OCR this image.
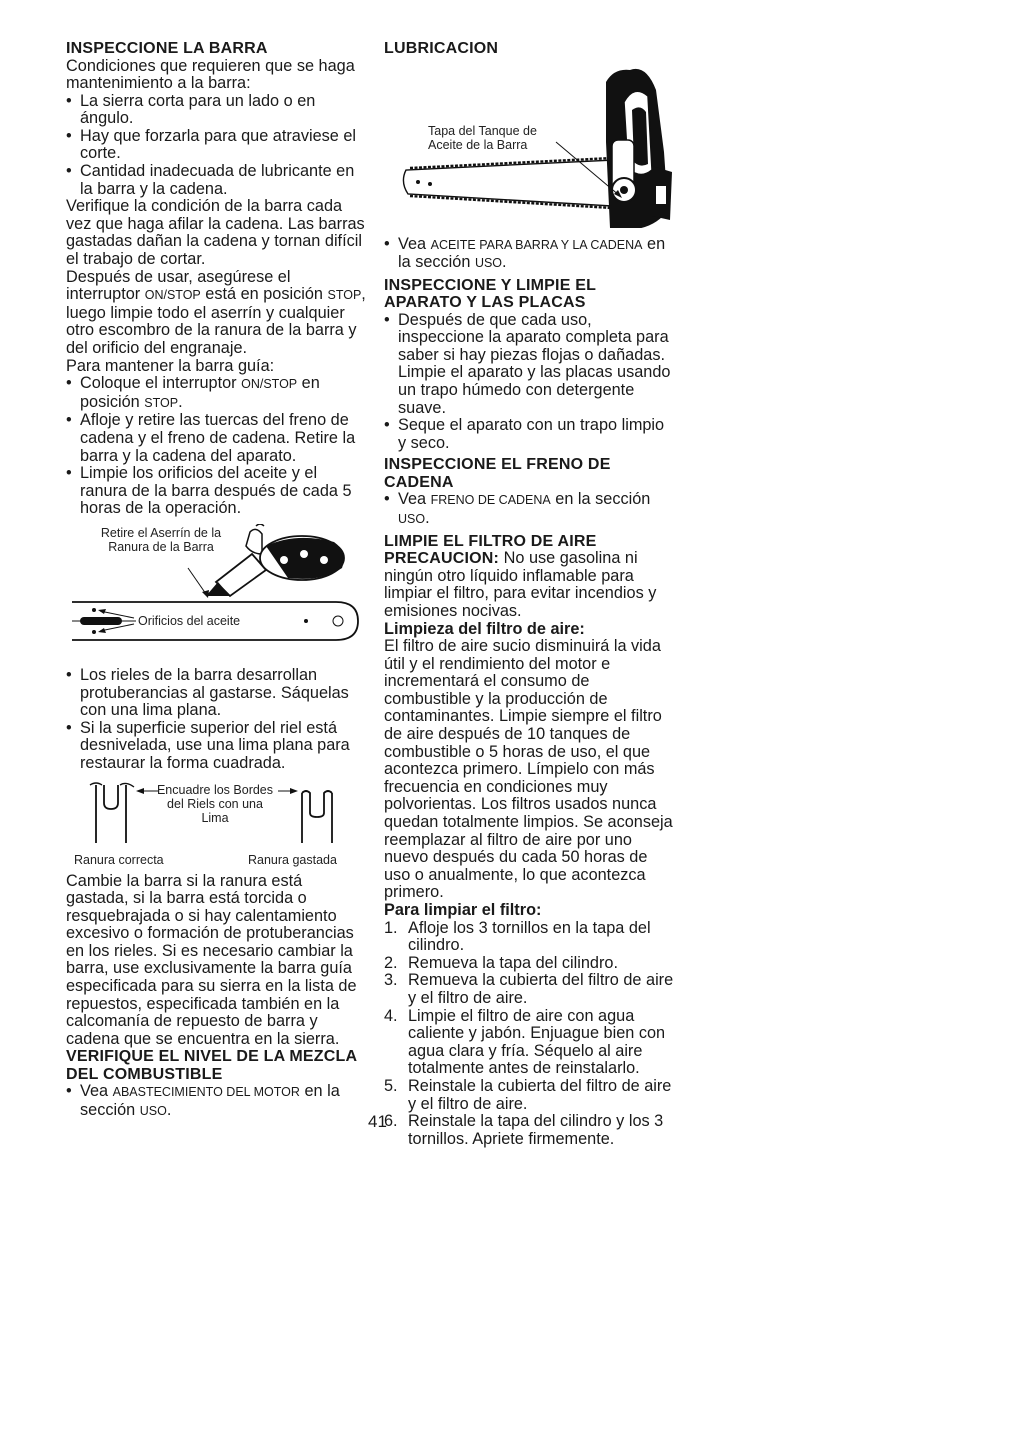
INSPECCIONE LA BARRA

Condiciones que requieren que se haga mantenimiento a la barra:

• La sierra corta para un lado o en ángulo.

• Hay que forzarla para que atraviese el corte.

• Cantidad inadecuada de lubricante en la barra y la cadena.

Verifique la condición de la barra cada vez que haga afilar la cadena. Las barras gastadas dañan la cadena y tornan difícil el trabajo de cortar.

Después de usar, asegúrese el interruptor ON/STOP está en posición STOP, luego limpie todo el aserrín y cualquier otro escombro de la ranura de la barra y del orificio del engranaje.

Para mantener la barra guía:

• Coloque el interruptor ON/STOP en posición STOP.

• Afloje y retire las tuercas del freno de cadena y el freno de cadena. Retire la barra y la cadena del aparato.

• Limpie los orificios del aceite y el ranura de la barra después de cada 5 horas de la operación.

Retire el Aserrín de la Ranura de la Barra
Orificios del aceite

• Los rieles de la barra desarrollan protuberancias al gastarse. Sáquelas con una lima plana.

• Si la superficie superior del riel está desnivelada, use una lima plana para restaurar la forma cuadrada.

Encuadre los Bordes del Riels con una Lima
Ranura correcta	Ranura gastada

Cambie la barra si la ranura está gastada, si la barra está torcida o resquebrajada o si hay calentamiento excesivo o formación de protuberancias en los rieles. Si es necesario cambiar la barra, use exclusivamente la barra guía especificada para su sierra en la lista de repuestos, especificada también en la calcomanía de repuesto de barra y cadena que se encuentra en la sierra.

VERIFIQUE EL NIVEL DE LA MEZCLA DEL COMBUSTIBLE

• Vea ABASTECIMIENTO DEL MOTOR en la sección USO.

LUBRICACION
Tapa del Tanque de Aceite de la Barra

• Vea ACEITE PARA BARRA Y LA CADENA en la sección USO.

INSPECCIONE Y LIMPIE EL APARATO Y LAS PLACAS

• Después de que cada uso, inspeccione la aparato completa para saber si hay piezas flojas o dañadas. Limpie el aparato y las placas usando un trapo húmedo con detergente suave.

• Seque el aparato con un trapo limpio y seco.

INSPECCIONE EL FRENO DE CADENA

• Vea FRENO DE CADENA en la sección USO.

LIMPIE EL FILTRO DE AIRE

PRECAUCION: No use gasolina ni ningún otro líquido inflamable para limpiar el filtro, para evitar incendios y emisiones nocivas.

Limpieza del filtro de aire:

El filtro de aire sucio disminuirá la vida útil y el rendimiento del motor e incrementará el consumo de combustible y la producción de contaminantes. Limpie siempre el filtro de aire después de 10 tanques de combustible o 5 horas de uso, el que acontezca primero. Límpielo con más frecuencia en condiciones muy polvorientas. Los filtros usados nunca quedan totalmente limpios. Se aconseja reemplazar al filtro de aire por uno nuevo después du cada 50 horas de uso o anualmente, lo que acontezca primero.

Para limpiar el filtro:

1. Afloje los 3 tornillos en la tapa del cilindro.

2. Remueva la tapa del cilindro.

3. Remueva la cubierta del filtro de aire y el filtro de aire.

4. Limpie el filtro de aire con agua caliente y jabón. Enjuague bien con agua clara y fría. Séquelo al aire totalmente antes de reinstalarlo.

5. Reinstale la cubierta del filtro de aire y el filtro de aire.

6. Reinstale la tapa del cilindro y los 3 tornillos. Apriete firmemente.

41
